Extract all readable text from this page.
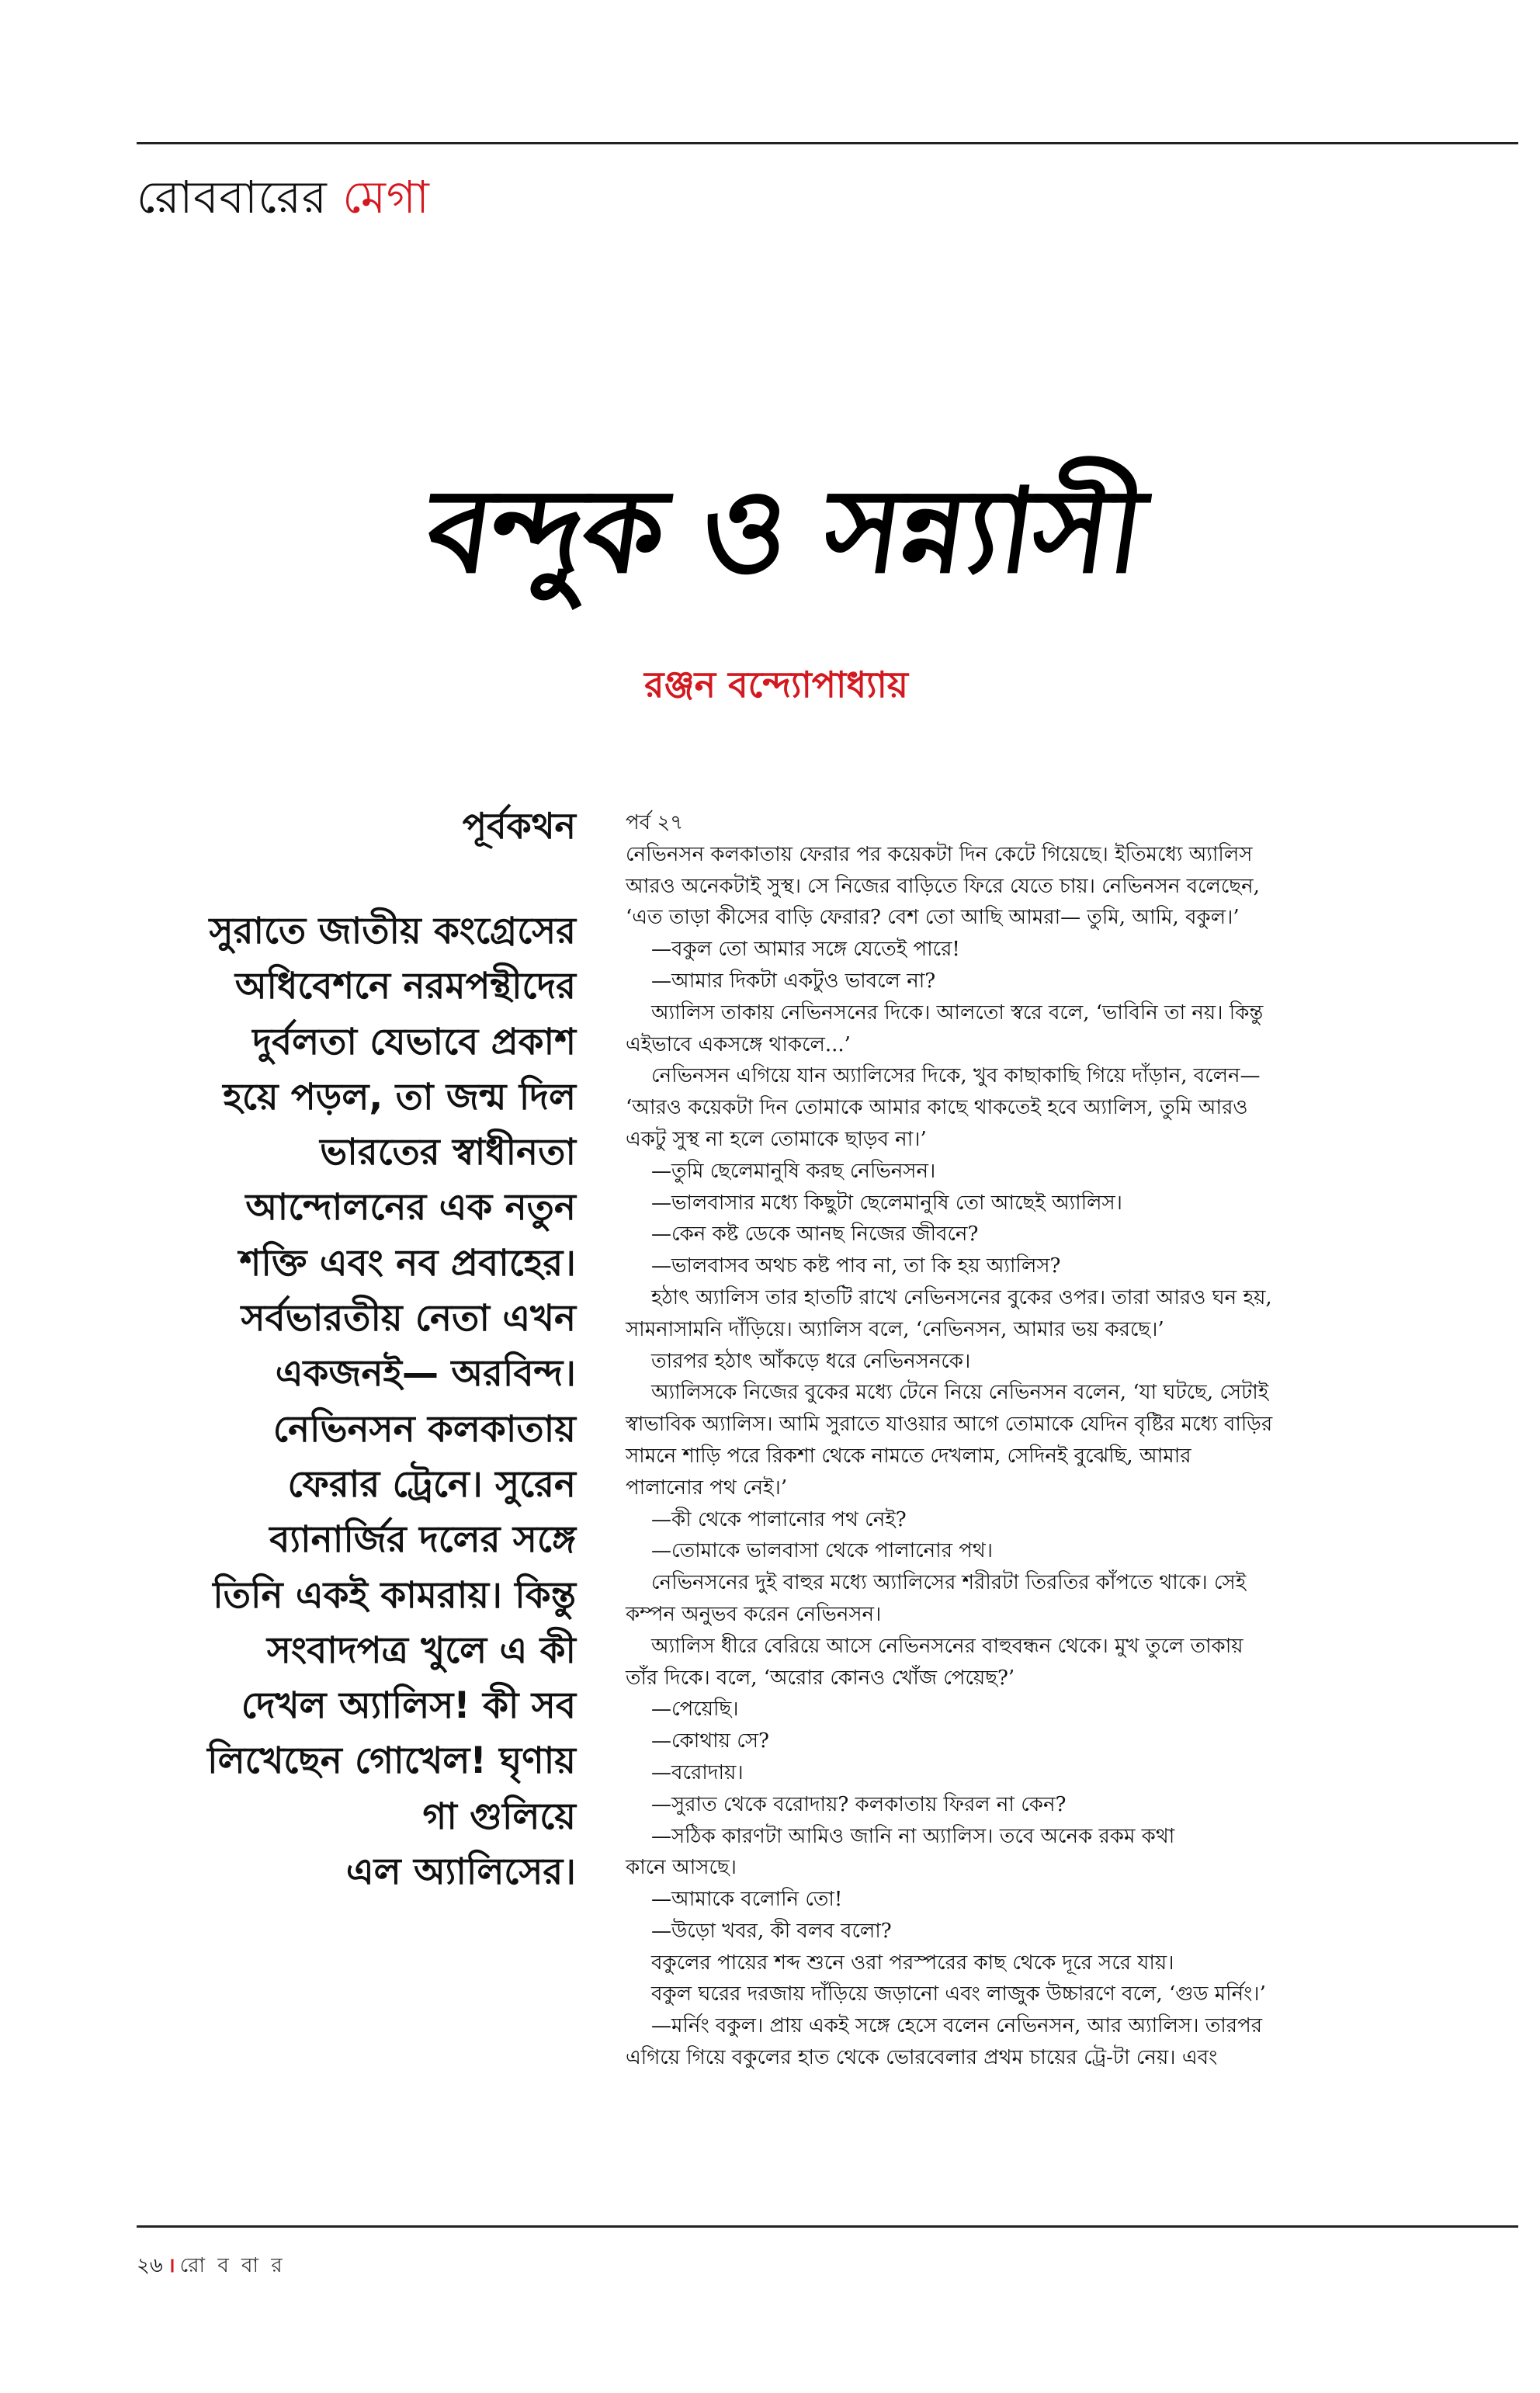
রোববারের মেগা
বন্দুক ও সন্ন্যাসী
রঞ্জন বন্দ্যোপাধ্যায়
পূর্বকথন
সুরাতে জাতীয় কংগ্রেসের
অধিবেশনে নরমপন্থীদের
দুর্বলতা যেভাবে প্রকাশ
হয়ে পড়ল, তা জন্ম দিল
ভারতের স্বাধীনতা
আন্দোলনের এক নতুন
শক্তি এবং নব প্রবাহের।
সর্বভারতীয় নেতা এখন
একজনই— অরবিন্দ।
নেভিনসন কলকাতায়
ফেরার ট্রেনে। সুরেন
ব্যানার্জির দলের সঙ্গে
তিনি একই কামরায়। কিন্তু
সংবাদপত্র খুলে এ কী
দেখল অ্যালিস! কী সব
লিখেছেন গোখেল! ঘৃণায়
গা গুলিয়ে
এল অ্যালিসের।
পর্ব ২৭
নেভিনসন কলকাতায় ফেরার পর কয়েকটা দিন কেটে গিয়েছে। ইতিমধ্যে অ্যালিস
আরও অনেকটাই সুস্থ। সে নিজের বাড়িতে ফিরে যেতে চায়। নেভিনসন বলেছেন,
‘এত তাড়া কীসের বাড়ি ফেরার? বেশ তো আছি আমরা— তুমি, আমি, বকুল।’
—বকুল তো আমার সঙ্গে যেতেই পারে!
—আমার দিকটা একটুও ভাবলে না?
অ্যালিস তাকায় নেভিনসনের দিকে। আলতো স্বরে বলে, ‘ভাবিনি তা নয়। কিন্তু
এইভাবে একসঙ্গে থাকলে...’
নেভিনসন এগিয়ে যান অ্যালিসের দিকে, খুব কাছাকাছি গিয়ে দাঁড়ান, বলেন—
‘আরও কয়েকটা দিন তোমাকে আমার কাছে থাকতেই হবে অ্যালিস, তুমি আরও
একটু সুস্থ না হলে তোমাকে ছাড়ব না।’
—তুমি ছেলেমানুষি করছ নেভিনসন।
—ভালবাসার মধ্যে কিছুটা ছেলেমানুষি তো আছেই অ্যালিস।
—কেন কষ্ট ডেকে আনছ নিজের জীবনে?
—ভালবাসব অথচ কষ্ট পাব না, তা কি হয় অ্যালিস?
হঠাৎ অ্যালিস তার হাতটি রাখে নেভিনসনের বুকের ওপর। তারা আরও ঘন হয়,
সামনাসামনি দাঁড়িয়ে। অ্যালিস বলে, ‘নেভিনসন, আমার ভয় করছে।’
তারপর হঠাৎ আঁকড়ে ধরে নেভিনসনকে।
অ্যালিসকে নিজের বুকের মধ্যে টেনে নিয়ে নেভিনসন বলেন, ‘যা ঘটছে, সেটাই
স্বাভাবিক অ্যালিস। আমি সুরাতে যাওয়ার আগে তোমাকে যেদিন বৃষ্টির মধ্যে বাড়ির
সামনে শাড়ি পরে রিকশা থেকে নামতে দেখলাম, সেদিনই বুঝেছি, আমার
পালানোর পথ নেই।’
—কী থেকে পালানোর পথ নেই?
—তোমাকে ভালবাসা থেকে পালানোর পথ।
নেভিনসনের দুই বাহুর মধ্যে অ্যালিসের শরীরটা তিরতির কাঁপতে থাকে। সেই
কম্পন অনুভব করেন নেভিনসন।
অ্যালিস ধীরে বেরিয়ে আসে নেভিনসনের বাহুবন্ধন থেকে। মুখ তুলে তাকায়
তাঁর দিকে। বলে, ‘অরোর কোনও খোঁজ পেয়েছ?’
—পেয়েছি।
—কোথায় সে?
—বরোদায়।
—সুরাত থেকে বরোদায়? কলকাতায় ফিরল না কেন?
—সঠিক কারণটা আমিও জানি না অ্যালিস। তবে অনেক রকম কথা
কানে আসছে।
—আমাকে বলোনি তো!
—উড়ো খবর, কী বলব বলো?
বকুলের পায়ের শব্দ শুনে ওরা পরস্পরের কাছ থেকে দূরে সরে যায়।
বকুল ঘরের দরজায় দাঁড়িয়ে জড়ানো এবং লাজুক উচ্চারণে বলে, ‘গুড মর্নিং।’
—মর্নিং বকুল। প্রায় একই সঙ্গে হেসে বলেন নেভিনসন, আর অ্যালিস। তারপর
এগিয়ে গিয়ে বকুলের হাত থেকে ভোরবেলার প্রথম চায়ের ট্রে-টা নেয়। এবং
২৬ । রো ব বা র
